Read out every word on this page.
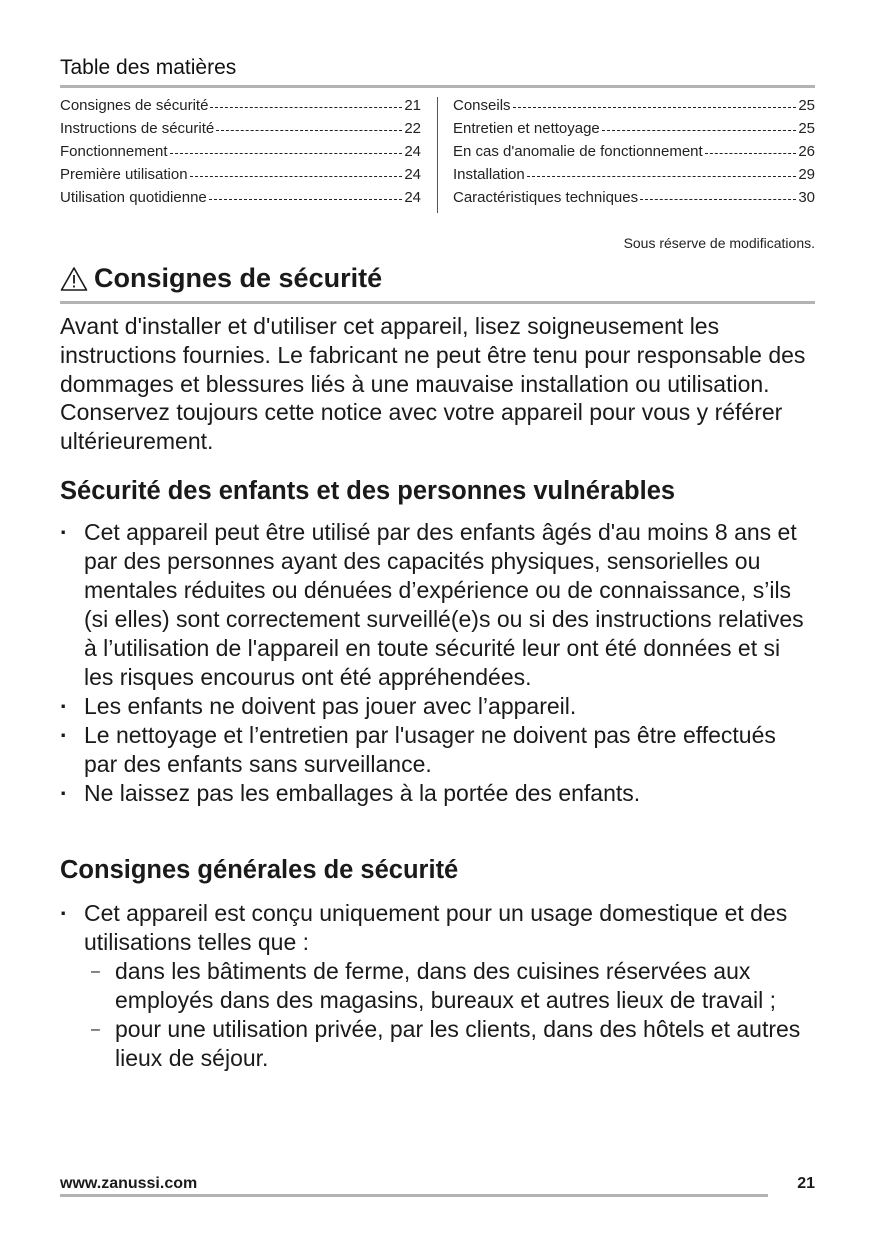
Table des matières
Consignes de sécurité	21
Instructions de sécurité	22
Fonctionnement	24
Première utilisation	24
Utilisation quotidienne	24
Conseils	25
Entretien et nettoyage	25
En cas d'anomalie de fonctionnement	26
Installation	29
Caractéristiques techniques	30
Sous réserve de modifications.
Consignes de sécurité

Avant d'installer et d'utiliser cet appareil, lisez soigneusement les instructions fournies. Le fabricant ne peut être tenu pour responsable des dommages et blessures liés à une mauvaise installation ou utilisation. Conservez toujours cette notice avec votre appareil pour vous y référer ultérieurement.

Sécurité des enfants et des personnes vulnérables
· Cet appareil peut être utilisé par des enfants âgés d'au moins 8 ans et par des personnes ayant des capacités physiques, sensorielles ou mentales réduites ou dénuées d’expérience ou de connaissance, s’ils (si elles) sont correctement surveillé(e)s ou si des instructions relatives à l’utilisation de l'appareil en toute sécurité leur ont été données et si les risques encourus ont été appréhendées.
· Les enfants ne doivent pas jouer avec l’appareil.
· Le nettoyage et l’entretien par l'usager ne doivent pas être effectués par des enfants sans surveillance.
· Ne laissez pas les emballages à la portée des enfants.
Consignes générales de sécurité
· Cet appareil est conçu uniquement pour un usage domestique et des utilisations telles que :
– dans les bâtiments de ferme, dans des cuisines réservées aux employés dans des magasins, bureaux et autres lieux de travail ;
– pour une utilisation privée, par les clients, dans des hôtels et autres lieux de séjour.
www.zanussi.com	21
